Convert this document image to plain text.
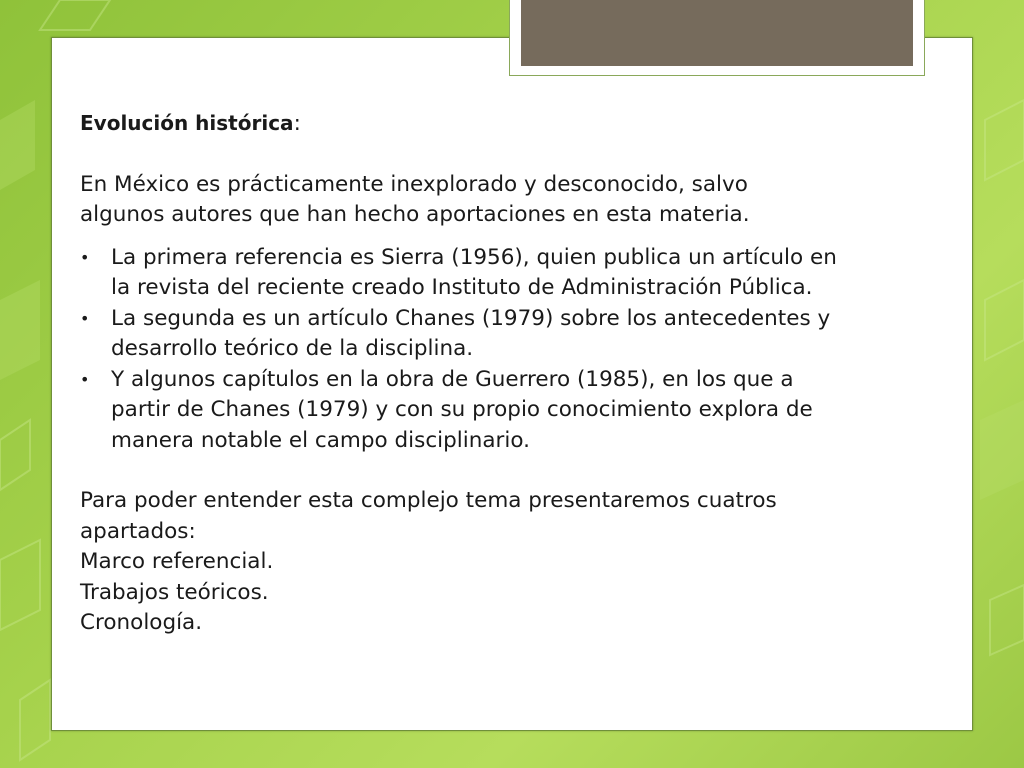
Evolución histórica:

En México es prácticamente inexplorado y desconocido, salvo
algunos autores que han hecho aportaciones en esta materia.

• La primera referencia es Sierra (1956), quien publica un artículo en
la revista del reciente creado Instituto de Administración Pública.
• La segunda es un artículo Chanes (1979) sobre los antecedentes y
desarrollo teórico de la disciplina.
• Y algunos capítulos en la obra de Guerrero (1985), en los que a
partir de Chanes (1979) y con su propio conocimiento explora de
manera notable el campo disciplinario.

Para poder entender esta complejo tema presentaremos cuatros
apartados:
Marco referencial.
Trabajos teóricos.
Cronología.
